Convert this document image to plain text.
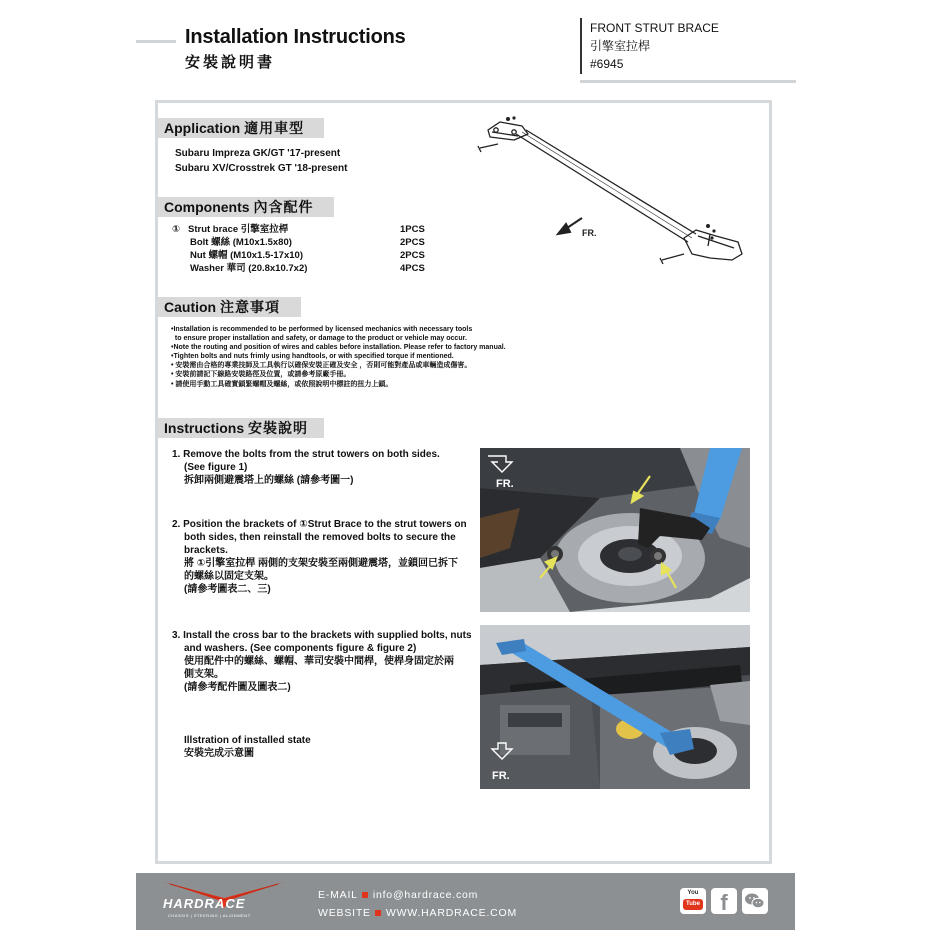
Installation Instructions
安裝說明書
FRONT STRUT BRACE
引擎室拉桿
#6945
Application 適用車型
Subaru Impreza GK/GT '17-present
Subaru XV/Crosstrek GT '18-present
FR.
Components 內含配件
① Strut brace 引擎室拉桿	1PCS
Bolt 螺絲 (M10x1.5x80)	2PCS
Nut 螺帽 (M10x1.5-17x10)	2PCS
Washer 華司 (20.8x10.7x2)	4PCS
Caution 注意事項
•Installation is recommended to be performed by licensed mechanics with necessary tools
to ensure proper installation and safety, or damage to the product or vehicle may occur.
•Note the routing and position of wires and cables before installation. Please refer to factory manual.
•Tighten bolts and nuts frimly using handtools, or with specified torque if mentioned.
• 安裝需由合格的專業技師及工具執行以確保安裝正確及安全 ，否則可能對產品或車輛造成傷害。
• 安裝前請記下線路安裝路徑及位置，或請參考原廠手冊。
• 請使用手動工具確實鎖緊螺帽及螺絲，或依照說明中標註的扭力上鎖。
Instructions 安裝說明
1. Remove the bolts from the strut towers on both sides.
(See figure 1)
拆卸兩側避震塔上的螺絲 (請參考圖一)
2. Position the brackets of ①Strut Brace to the strut towers on
both sides, then reinstall the removed bolts to secure the
brackets.
將 ①引擎室拉桿 兩側的支架安裝至兩側避震塔，並鎖回已拆下
的螺絲以固定支架。
(請參考圖表二、三)
3. Install the cross bar to the brackets with supplied bolts, nuts
and washers. (See components figure & figure 2)
使用配件中的螺絲、螺帽、華司安裝中間桿，使桿身固定於兩
側支架。
(請參考配件圖及圖表二)
Illstration of installed state
安裝完成示意圖
FR.
FR.
HARDRACE
CHASSIS | STEERING | ALIGNMENT
E-MAIL info@hardrace.com
WEBSITE WWW.HARDRACE.COM
You
Tube f
